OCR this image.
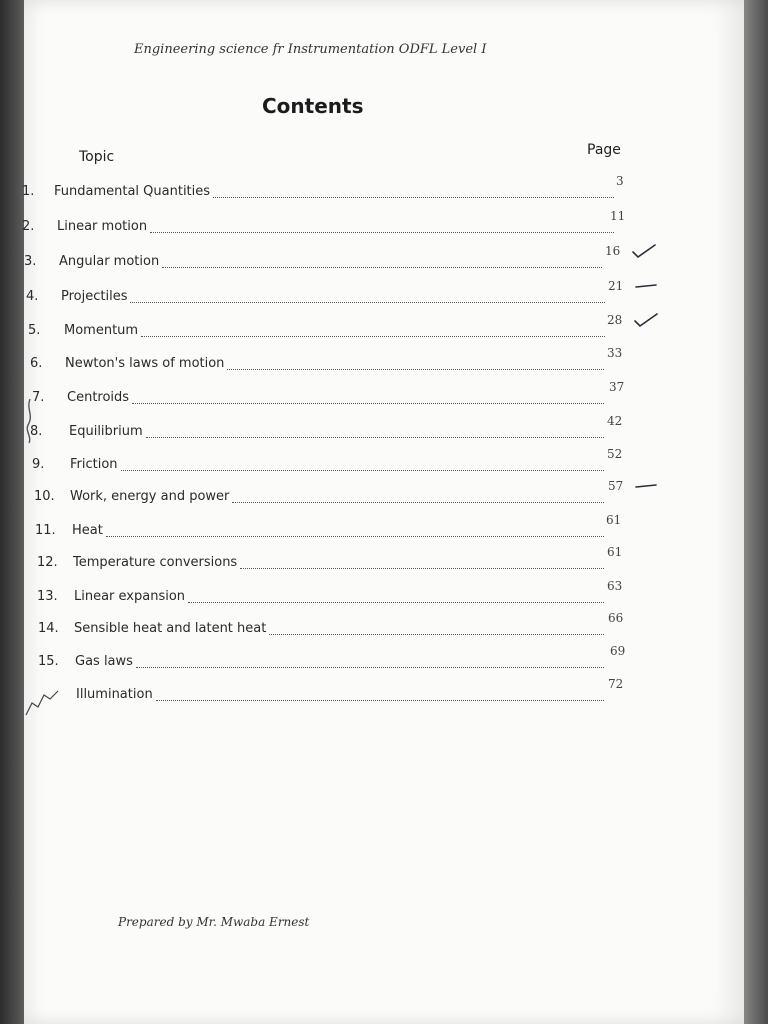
Engineering science fr Instrumentation ODFL Level I
Contents
Topic	Page
1. Fundamental Quantities
3
2. Linear motion
11
3. Angular motion
16
4. Projectiles
21
5. Momentum
28
6. Newton's laws of motion
33
7. Centroids
37
8. Equilibrium
42
9. Friction
52
10. Work, energy and power
57
11. Heat
61
12. Temperature conversions
61
13. Linear expansion
63
14. Sensible heat and latent heat
66
15. Gas laws
69
Illumination
72
Prepared by Mr. Mwaba Ernest
